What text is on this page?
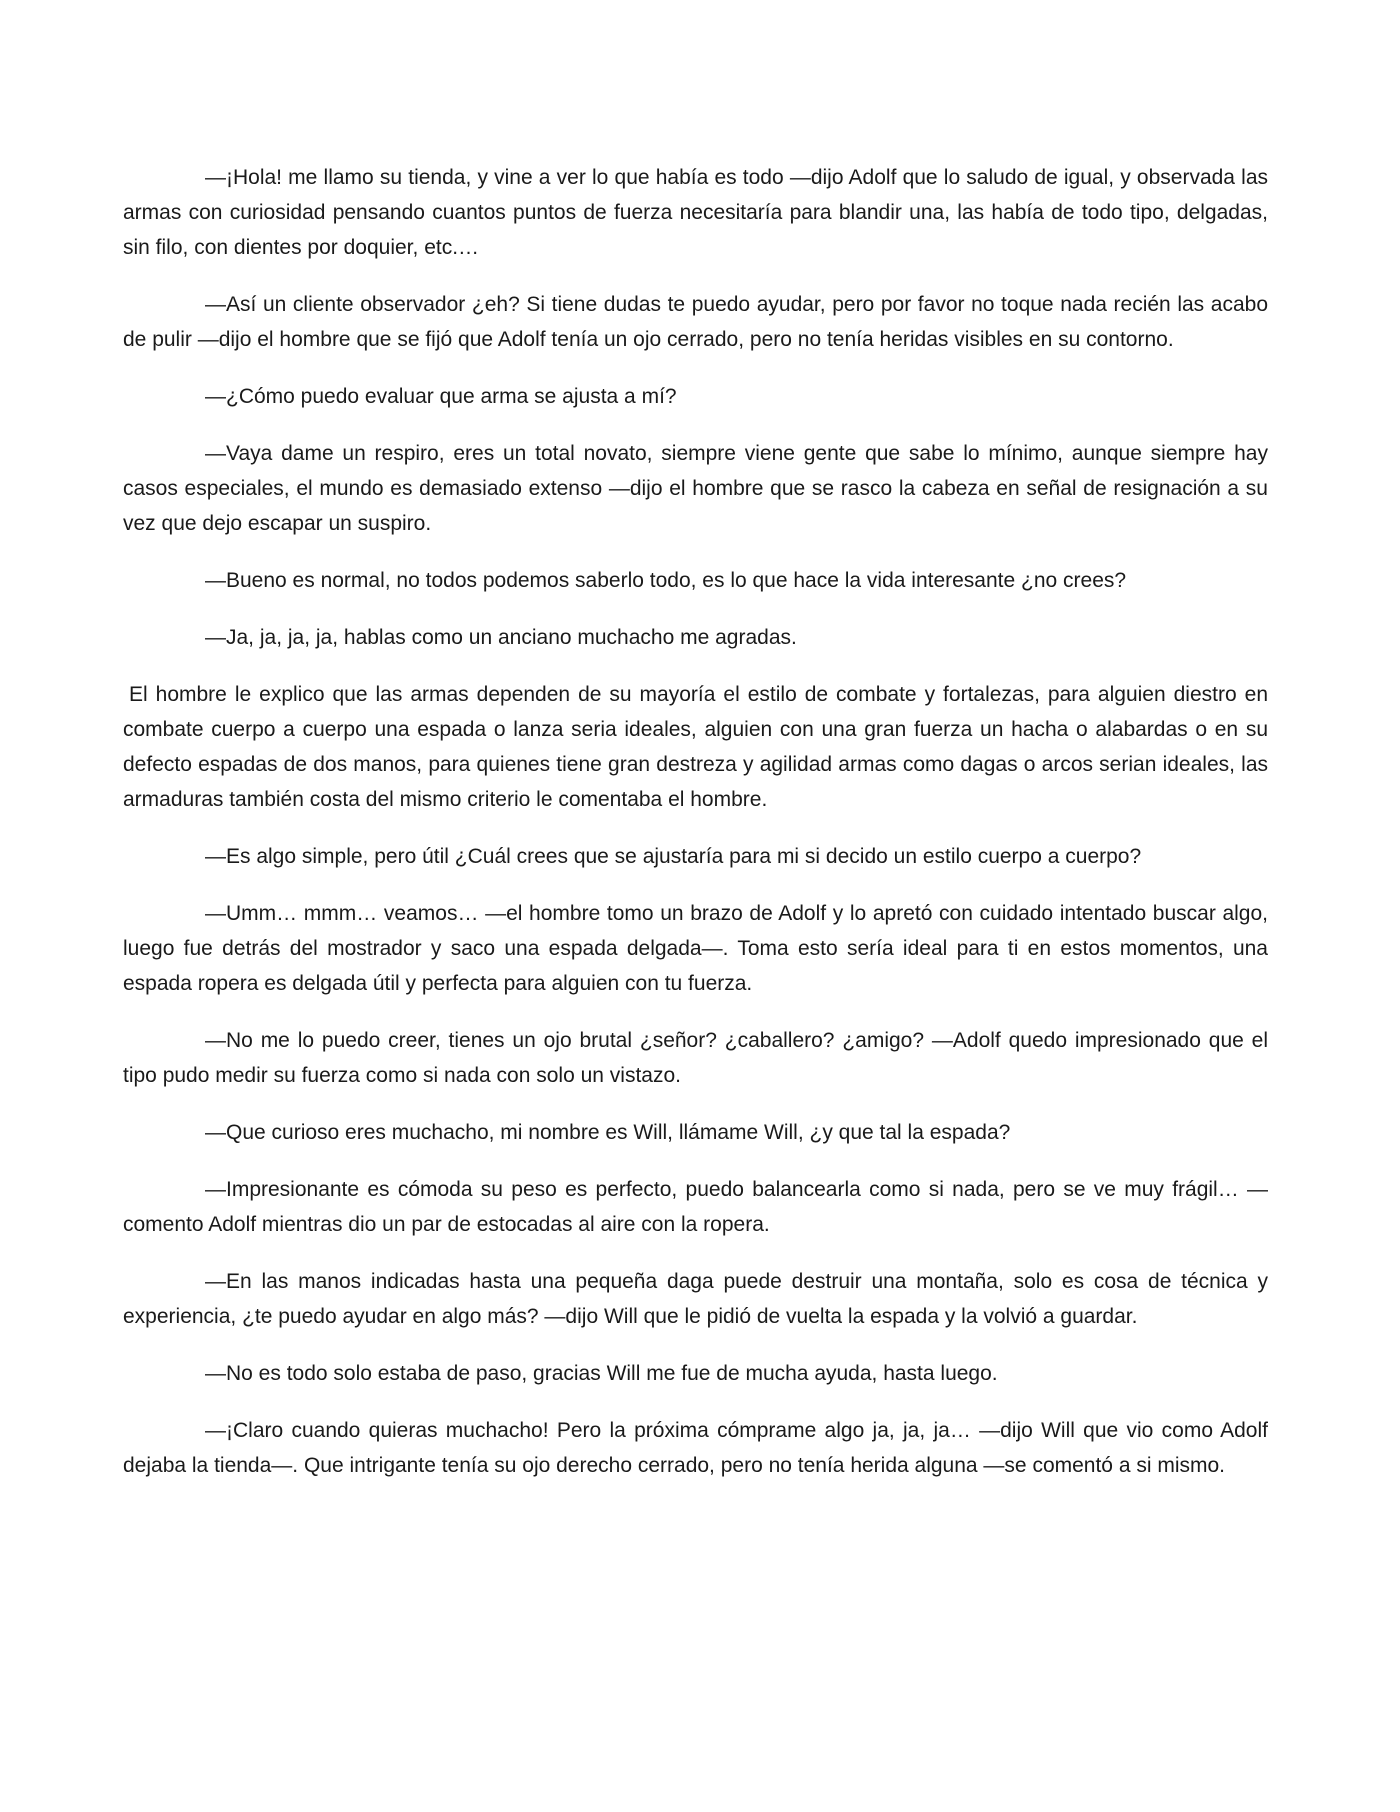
—¡Hola! me llamo su tienda, y vine a ver lo que había es todo —dijo Adolf que lo saludo de igual, y observada las armas con curiosidad pensando cuantos puntos de fuerza necesitaría para blandir una, las había de todo tipo, delgadas, sin filo, con dientes por doquier, etc.…

—Así un cliente observador ¿eh? Si tiene dudas te puedo ayudar, pero por favor no toque nada recién las acabo de pulir —dijo el hombre que se fijó que Adolf tenía un ojo cerrado, pero no tenía heridas visibles en su contorno.

—¿Cómo puedo evaluar que arma se ajusta a mí?

—Vaya dame un respiro, eres un total novato, siempre viene gente que sabe lo mínimo, aunque siempre hay casos especiales, el mundo es demasiado extenso —dijo el hombre que se rasco la cabeza en señal de resignación a su vez que dejo escapar un suspiro.

—Bueno es normal, no todos podemos saberlo todo, es lo que hace la vida interesante ¿no crees?

—Ja, ja, ja, ja, hablas como un anciano muchacho me agradas.

El hombre le explico que las armas dependen de su mayoría el estilo de combate y fortalezas, para alguien diestro en combate cuerpo a cuerpo una espada o lanza seria ideales, alguien con una gran fuerza un hacha o alabardas o en su defecto espadas de dos manos, para quienes tiene gran destreza y agilidad armas como dagas o arcos serian ideales, las armaduras también costa del mismo criterio le comentaba el hombre.

—Es algo simple, pero útil ¿Cuál crees que se ajustaría para mi si decido un estilo cuerpo a cuerpo?

—Umm… mmm… veamos… —el hombre tomo un brazo de Adolf y lo apretó con cuidado intentado buscar algo, luego fue detrás del mostrador y saco una espada delgada—. Toma esto sería ideal para ti en estos momentos, una espada ropera es delgada útil y perfecta para alguien con tu fuerza.

—No me lo puedo creer, tienes un ojo brutal ¿señor? ¿caballero? ¿amigo? —Adolf quedo impresionado que el tipo pudo medir su fuerza como si nada con solo un vistazo.

—Que curioso eres muchacho, mi nombre es Will, llámame Will, ¿y que tal la espada?

—Impresionante es cómoda su peso es perfecto, puedo balancearla como si nada, pero se ve muy frágil… —comento Adolf mientras dio un par de estocadas al aire con la ropera.

—En las manos indicadas hasta una pequeña daga puede destruir una montaña, solo es cosa de técnica y experiencia, ¿te puedo ayudar en algo más? —dijo Will que le pidió de vuelta la espada y la volvió a guardar.

—No es todo solo estaba de paso, gracias Will me fue de mucha ayuda, hasta luego.

—¡Claro cuando quieras muchacho! Pero la próxima cómprame algo ja, ja, ja… —dijo Will que vio como Adolf dejaba la tienda—. Que intrigante tenía su ojo derecho cerrado, pero no tenía herida alguna —se comentó a si mismo.
